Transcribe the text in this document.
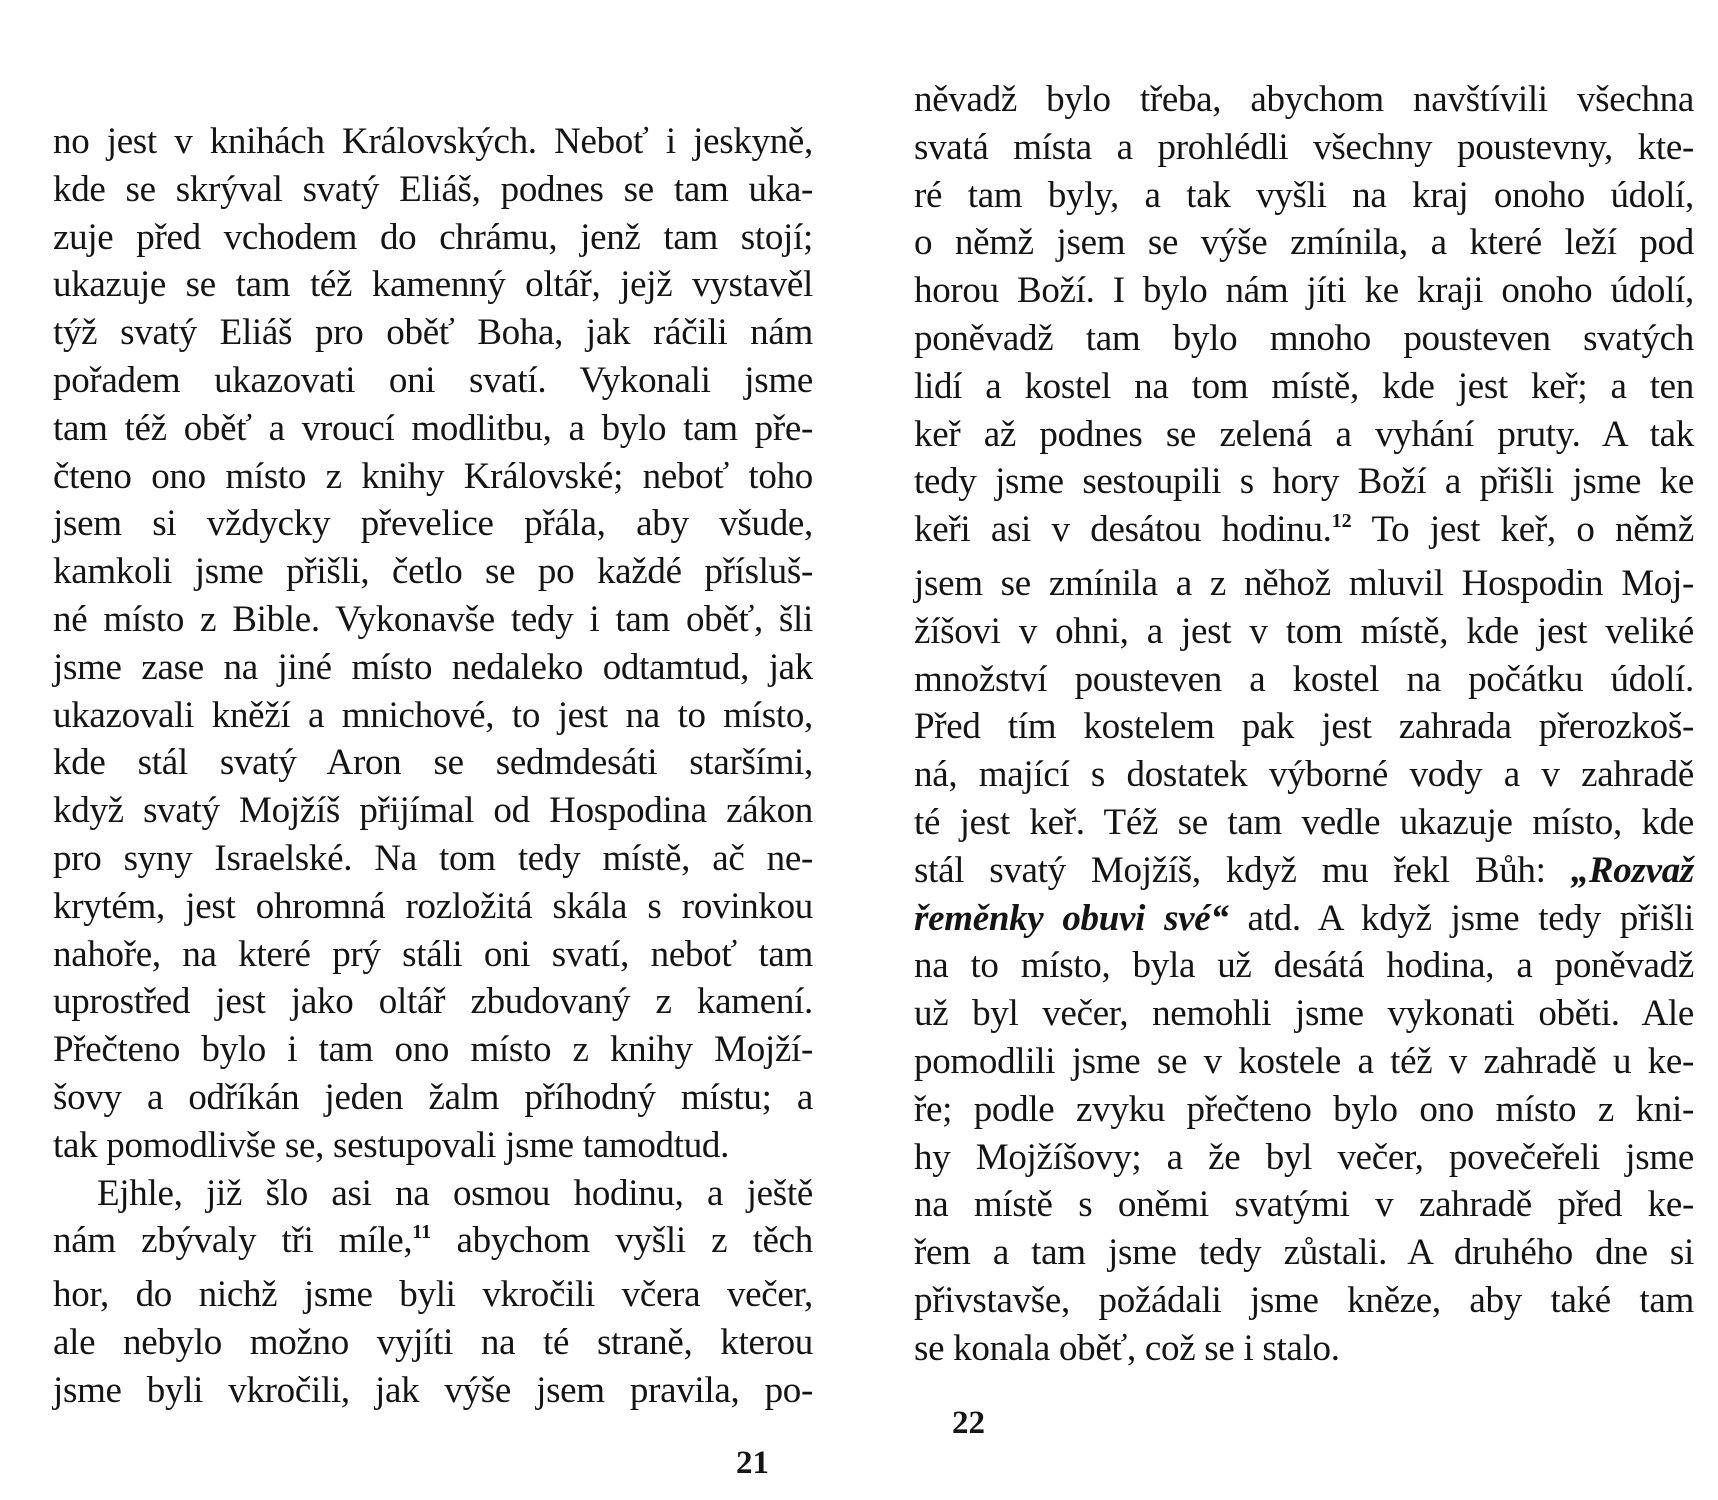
no jest v knihách Královských. Neboť i jeskyně,
kde se skrýval svatý Eliáš, podnes se tam uka-
zuje před vchodem do chrámu, jenž tam stojí;
ukazuje se tam též kamenný oltář, jejž vystavěl
týž svatý Eliáš pro oběť Boha, jak ráčili nám
pořadem ukazovati oni svatí. Vykonali jsme
tam též oběť a vroucí modlitbu, a bylo tam pře-
čteno ono místo z knihy Královské; neboť toho
jsem si vždycky převelice přála, aby všude,
kamkoli jsme přišli, četlo se po každé přísluš-
né místo z Bible. Vykonavše tedy i tam oběť, šli
jsme zase na jiné místo nedaleko odtamtud, jak
ukazovali kněží a mnichové, to jest na to místo,
kde stál svatý Aron se sedmdesáti staršími,
když svatý Mojžíš přijímal od Hospodina zákon
pro syny Israelské. Na tom tedy místě, ač ne-
krytém, jest ohromná rozložitá skála s rovinkou
nahoře, na které prý stáli oni svatí, neboť tam
uprostřed jest jako oltář zbudovaný z kamení.
Přečteno bylo i tam ono místo z knihy Mojží-
šovy a odříkán jeden žalm příhodný místu; a
tak pomodlivše se, sestupovali jsme tamodtud.
Ejhle, již šlo asi na osmou hodinu, a ještě
nám zbývaly tři míle,$^{11}$ abychom vyšli z těch
hor, do nichž jsme byli vkročili včera večer,
ale nebylo možno vyjíti na té straně, kterou
jsme byli vkročili, jak výše jsem pravila, po-
21
něvadž bylo třeba, abychom navštívili všechna
svatá místa a prohlédli všechny poustevny, kte-
ré tam byly, a tak vyšli na kraj onoho údolí,
o němž jsem se výše zmínila, a které leží pod
horou Boží. I bylo nám jíti ke kraji onoho údolí,
poněvadž tam bylo mnoho pousteven svatých
lidí a kostel na tom místě, kde jest keř; a ten
keř až podnes se zelená a vyhání pruty. A tak
tedy jsme sestoupili s hory Boží a přišli jsme ke
keři asi v desátou hodinu.$^{12}$ To jest keř, o němž
jsem se zmínila a z něhož mluvil Hospodin Moj-
žíšovi v ohni, a jest v tom místě, kde jest veliké
množství pousteven a kostel na počátku údolí.
Před tím kostelem pak jest zahrada přerozkoš-
ná, mající s dostatek výborné vody a v zahradě
té jest keř. Též se tam vedle ukazuje místo, kde
stál svatý Mojžíš, když mu řekl Bůh: „Rozvaž
řeměnky obuvi své“ atd. A když jsme tedy přišli
na to místo, byla už desátá hodina, a poněvadž
už byl večer, nemohli jsme vykonati oběti. Ale
pomodlili jsme se v kostele a též v zahradě u ke-
ře; podle zvyku přečteno bylo ono místo z kni-
hy Mojžíšovy; a že byl večer, povečeřeli jsme
na místě s oněmi svatými v zahradě před ke-
řem a tam jsme tedy zůstali. A druhého dne si
přivstavše, požádali jsme kněze, aby také tam
se konala oběť, což se i stalo.
22
